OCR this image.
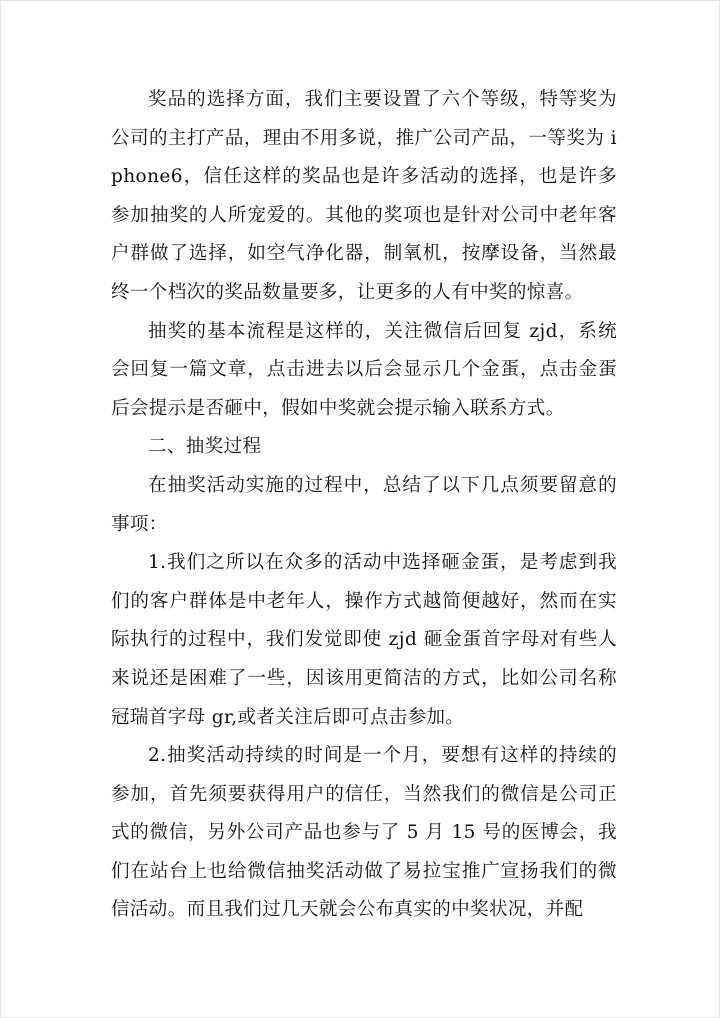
奖品的选择方面，我们主要设置了六个等级，特等奖为公司的主打产品，理由不用多说，推广公司产品，一等奖为 i phone6，信任这样的奖品也是许多活动的选择，也是许多参加抽奖的人所宠爱的。其他的奖项也是针对公司中老年客户群做了选择，如空气净化器，制氧机，按摩设备，当然最终一个档次的奖品数量要多，让更多的人有中奖的惊喜。

抽奖的基本流程是这样的，关注微信后回复 zjd，系统会回复一篇文章，点击进去以后会显示几个金蛋，点击金蛋后会提示是否砸中，假如中奖就会提示输入联系方式。

二、抽奖过程

在抽奖活动实施的过程中，总结了以下几点须要留意的事项：

1.我们之所以在众多的活动中选择砸金蛋，是考虑到我们的客户群体是中老年人，操作方式越简便越好，然而在实际执行的过程中，我们发觉即使 zjd 砸金蛋首字母对有些人来说还是困难了一些，因该用更简洁的方式，比如公司名称冠瑞首字母 gr,或者关注后即可点击参加。

2.抽奖活动持续的时间是一个月，要想有这样的持续的参加，首先须要获得用户的信任，当然我们的微信是公司正式的微信，另外公司产品也参与了 5 月 15 号的医博会，我们在站台上也给微信抽奖活动做了易拉宝推广宣扬我们的微信活动。而且我们过几天就会公布真实的中奖状况，并配
